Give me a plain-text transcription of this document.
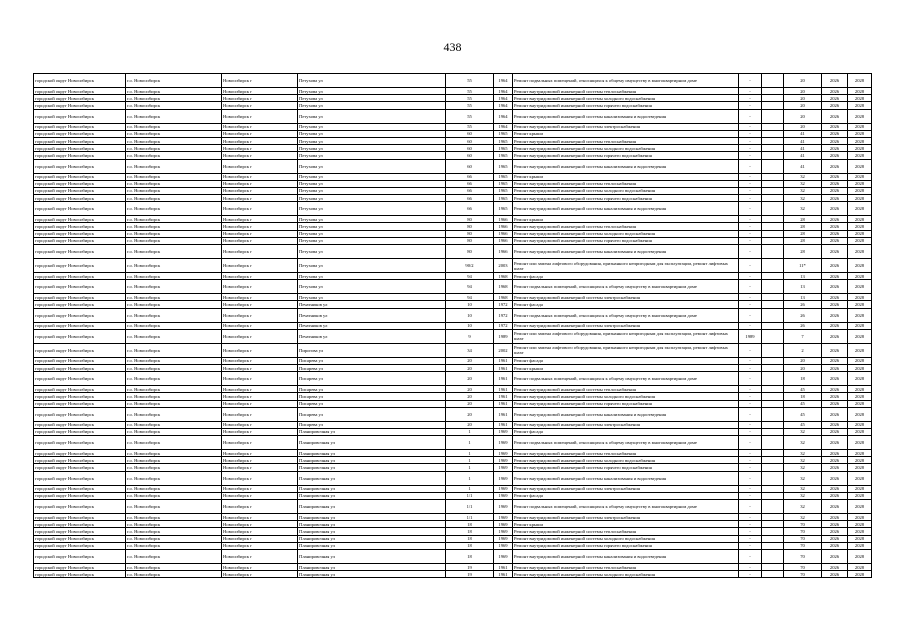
438
городской округ Новосибирск	г.о. Новосибирск	Новосибирск г	Петухова ул	55	1964	Ремонт подвальных помещений, относящихся к общему имуществу в многоквартирном доме	-		20	2026	2028
городской округ Новосибирск	г.о. Новосибирск	Новосибирск г	Петухова ул	55	1964	Ремонт внутридомовой инженерной системы теплоснабжения	-		20	2026	2028
городской округ Новосибирск	г.о. Новосибирск	Новосибирск г	Петухова ул	55	1964	Ремонт внутридомовой инженерной системы холодного водоснабжения	-		20	2026	2028
городской округ Новосибирск	г.о. Новосибирск	Новосибирск г	Петухова ул	55	1964	Ремонт внутридомовой инженерной системы горячего водоснабжения	-		20	2026	2028
городской округ Новосибирск	г.о. Новосибирск	Новосибирск г	Петухова ул	55	1964	Ремонт внутридомовой инженерной системы канализования и водоотведения	-		20	2026	2028
городской округ Новосибирск	г.о. Новосибирск	Новосибирск г	Петухова ул	55	1964	Ремонт внутридомовой инженерной системы электроснабжения	-		20	2026	2028
городской округ Новосибирск	г.о. Новосибирск	Новосибирск г	Петухова ул	60	1965	Ремонт крыши	-		41	2026	2028
городской округ Новосибирск	г.о. Новосибирск	Новосибирск г	Петухова ул	60	1965	Ремонт внутридомовой инженерной системы теплоснабжения	-		41	2026	2028
городской округ Новосибирск	г.о. Новосибирск	Новосибирск г	Петухова ул	60	1965	Ремонт внутридомовой инженерной системы холодного водоснабжения	-		41	2026	2028
городской округ Новосибирск	г.о. Новосибирск	Новосибирск г	Петухова ул	60	1965	Ремонт внутридомовой инженерной системы горячего водоснабжения	-		41	2026	2028
городской округ Новосибирск	г.о. Новосибирск	Новосибирск г	Петухова ул	60	1965	Ремонт внутридомовой инженерной системы канализования и водоотведения	-		41	2026	2028
городской округ Новосибирск	г.о. Новосибирск	Новосибирск г	Петухова ул	66	1965	Ремонт крыши	-		32	2026	2028
городской округ Новосибирск	г.о. Новосибирск	Новосибирск г	Петухова ул	66	1965	Ремонт внутридомовой инженерной системы теплоснабжения	-		32	2026	2028
городской округ Новосибирск	г.о. Новосибирск	Новосибирск г	Петухова ул	66	1965	Ремонт внутридомовой инженерной системы холодного водоснабжения	-		32	2026	2028
городской округ Новосибирск	г.о. Новосибирск	Новосибирск г	Петухова ул	66	1965	Ремонт внутридомовой инженерной системы горячего водоснабжения	-		32	2026	2028
городской округ Новосибирск	г.о. Новосибирск	Новосибирск г	Петухова ул	66	1965	Ремонт внутридомовой инженерной системы канализования и водоотведения	-		32	2026	2028
городской округ Новосибирск	г.о. Новосибирск	Новосибирск г	Петухова ул	80	1966	Ремонт крыши	-		28	2026	2028
городской округ Новосибирск	г.о. Новосибирск	Новосибирск г	Петухова ул	80	1966	Ремонт внутридомовой инженерной системы теплоснабжения	-		28	2026	2028
городской округ Новосибирск	г.о. Новосибирск	Новосибирск г	Петухова ул	80	1966	Ремонт внутридомовой инженерной системы холодного водоснабжения	-		28	2026	2028
городской округ Новосибирск	г.о. Новосибирск	Новосибирск г	Петухова ул	80	1966	Ремонт внутридомовой инженерной системы горячего водоснабжения	-		28	2026	2028
городской округ Новосибирск	г.о. Новосибирск	Новосибирск г	Петухова ул	80	1966	Ремонт внутридомовой инженерной системы канализования и водоотведения	-		28	2026	2028
городской округ Новосибирск	г.о. Новосибирск	Новосибирск г	Петухова ул	90/2	2003	Ремонт или замена лифтового оборудования, признанного непригодным для эксплуатации, ремонт лифтовых шахт	-		11*	2026	2028
городской округ Новосибирск	г.о. Новосибирск	Новосибирск г	Петухова ул	94	1968	Ремонт фасада	-		13	2026	2028
городской округ Новосибирск	г.о. Новосибирск	Новосибирск г	Петухова ул	94	1968	Ремонт подвальных помещений, относящихся к общему имуществу в многоквартирном доме	-		13	2026	2028
городской округ Новосибирск	г.о. Новосибирск	Новосибирск г	Петухова ул	94	1968	Ремонт внутридомовой инженерной системы электроснабжения	-		13	2026	2028
городской округ Новосибирск	г.о. Новосибирск	Новосибирск г	Печатников ул	10	1972	Ремонт фасада	-		26	2026	2028
городской округ Новосибирск	г.о. Новосибирск	Новосибирск г	Печатников ул	10	1972	Ремонт подвальных помещений, относящихся к общему имуществу в многоквартирном доме	-		26	2026	2028
городской округ Новосибирск	г.о. Новосибирск	Новосибирск г	Печатников ул	10	1972	Ремонт внутридомовой инженерной системы электроснабжения	-		26	2026	2028
городской округ Новосибирск	г.о. Новосибирск	Новосибирск г	Печатников ул	9	1989	Ремонт или замена лифтового оборудования, признанного непригодным для эксплуатации, ремонт лифтовых шахт	1989		7	2026	2028
городской округ Новосибирск	г.о. Новосибирск	Новосибирск г	Пирогова ул	34	2002	Ремонт или замена лифтового оборудования, признанного непригодным для эксплуатации, ремонт лифтовых шахт	-		2	2026	2028
городской округ Новосибирск	г.о. Новосибирск	Новосибирск г	Писарева ул	20	1961	Ремонт фасада	-		20	2026	2028
городской округ Новосибирск	г.о. Новосибирск	Новосибирск г	Писарева ул	20	1961	Ремонт крыши	-		20	2026	2028
городской округ Новосибирск	г.о. Новосибирск	Новосибирск г	Писарева ул	20	1961	Ремонт подвальных помещений, относящихся к общему имуществу в многоквартирном доме	-		18	2026	2028
городской округ Новосибирск	г.о. Новосибирск	Новосибирск г	Писарева ул	20	1961	Ремонт внутридомовой инженерной системы теплоснабжения	-		45	2026	2028
городской округ Новосибирск	г.о. Новосибирск	Новосибирск г	Писарева ул	20	1961	Ремонт внутридомовой инженерной системы холодного водоснабжения	-		18	2026	2028
городской округ Новосибирск	г.о. Новосибирск	Новосибирск г	Писарева ул	20	1961	Ремонт внутридомовой инженерной системы горячего водоснабжения	-		45	2026	2028
городской округ Новосибирск	г.о. Новосибирск	Новосибирск г	Писарева ул	20	1961	Ремонт внутридомовой инженерной системы канализования и водоотведения	-		45	2026	2028
городской округ Новосибирск	г.о. Новосибирск	Новосибирск г	Писарева ул	20	1961	Ремонт внутридомовой инженерной системы электроснабжения	-		45	2026	2028
городской округ Новосибирск	г.о. Новосибирск	Новосибирск г	Планировочная ул	1	1969	Ремонт фасада	-		32	2026	2028
городской округ Новосибирск	г.о. Новосибирск	Новосибирск г	Планировочная ул	1	1969	Ремонт подвальных помещений, относящихся к общему имуществу в многоквартирном доме	-		32	2026	2028
городской округ Новосибирск	г.о. Новосибирск	Новосибирск г	Планировочная ул	1	1969	Ремонт внутридомовой инженерной системы теплоснабжения	-		32	2026	2028
городской округ Новосибирск	г.о. Новосибирск	Новосибирск г	Планировочная ул	1	1969	Ремонт внутридомовой инженерной системы холодного водоснабжения	-		32	2026	2028
городской округ Новосибирск	г.о. Новосибирск	Новосибирск г	Планировочная ул	1	1969	Ремонт внутридомовой инженерной системы горячего водоснабжения	-		32	2026	2028
городской округ Новосибирск	г.о. Новосибирск	Новосибирск г	Планировочная ул	1	1969	Ремонт внутридомовой инженерной системы канализования и водоотведения	-		32	2026	2028
городской округ Новосибирск	г.о. Новосибирск	Новосибирск г	Планировочная ул	1	1969	Ремонт внутридомовой инженерной системы электроснабжения	-		32	2026	2028
городской округ Новосибирск	г.о. Новосибирск	Новосибирск г	Планировочная ул	1/1	1969	Ремонт фасада	-		32	2026	2028
городской округ Новосибирск	г.о. Новосибирск	Новосибирск г	Планировочная ул	1/1	1969	Ремонт подвальных помещений, относящихся к общему имуществу в многоквартирном доме	-		32	2026	2028
городской округ Новосибирск	г.о. Новосибирск	Новосибирск г	Планировочная ул	1/1	1969	Ремонт внутридомовой инженерной системы электроснабжения	-		32	2026	2028
городской округ Новосибирск	г.о. Новосибирск	Новосибирск г	Планировочная ул	18	1969	Ремонт крыши	-		70	2026	2028
городской округ Новосибирск	г.о. Новосибирск	Новосибирск г	Планировочная ул	18	1969	Ремонт внутридомовой инженерной системы теплоснабжения	-		70	2026	2028
городской округ Новосибирск	г.о. Новосибирск	Новосибирск г	Планировочная ул	18	1969	Ремонт внутридомовой инженерной системы холодного водоснабжения	-		70	2026	2028
городской округ Новосибирск	г.о. Новосибирск	Новосибирск г	Планировочная ул	18	1969	Ремонт внутридомовой инженерной системы горячего водоснабжения	-		70	2026	2028
городской округ Новосибирск	г.о. Новосибирск	Новосибирск г	Планировочная ул	18	1969	Ремонт внутридомовой инженерной системы канализования и водоотведения	-		70	2026	2028
городской округ Новосибирск	г.о. Новосибирск	Новосибирск г	Планировочная ул	19	1961	Ремонт внутридомовой инженерной системы теплоснабжения	-		70	2026	2028
городской округ Новосибирск	г.о. Новосибирск	Новосибирск г	Планировочная ул	19	1961	Ремонт внутридомовой инженерной системы холодного водоснабжения	-		70	2026	2028
